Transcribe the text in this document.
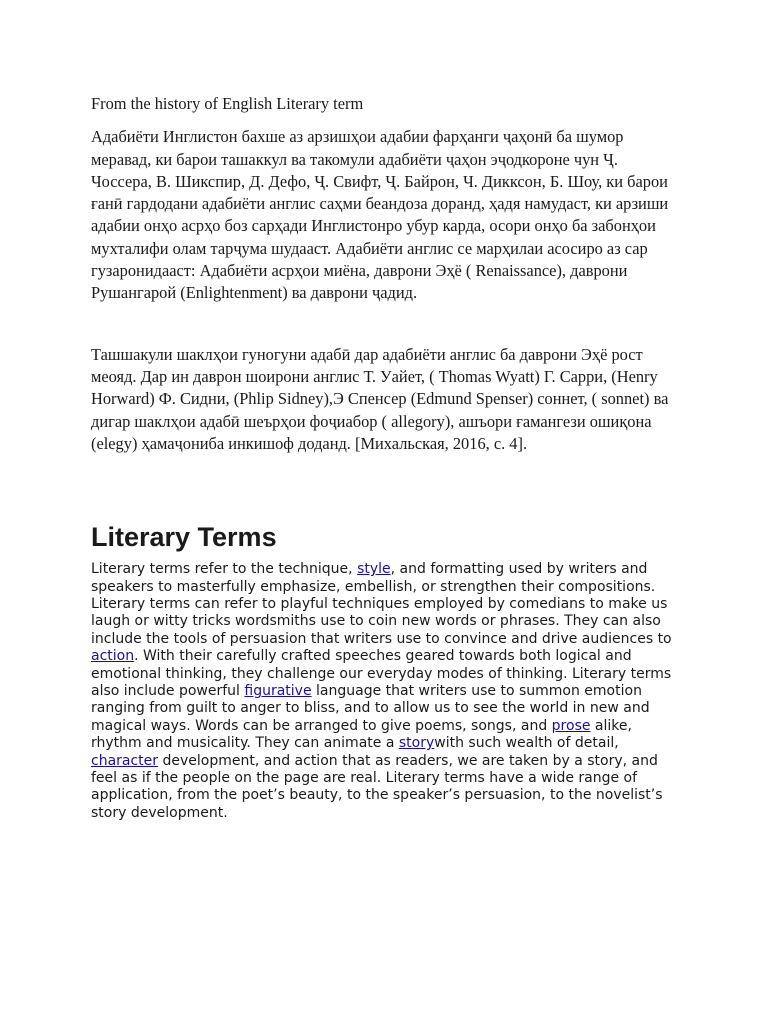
From the history of English Literary term

Адабиёти Инглистон бахше аз арзишҳои адабии фарҳанги ҷаҳонӣ ба шумор меравад, ки барои ташаккул ва такомули адабиёти ҷаҳон эҷодкороне чун Ҷ. Чоссера, В. Шикспир, Д. Дефо, Ҷ. Свифт, Ҷ. Байрон, Ч. Дикксон, Б. Шоу, ки барои ғанӣ гардодани адабиёти англис саҳми беандоза доранд, ҳадя намудаст, ки арзиши адабии онҳо асрҳо боз сарҳади Инглистонро убур карда, осори онҳо ба забонҳои мухталифи олам тарҷума шудааст. Адабиёти англис се марҳилаи асосиро аз сар гузаронидааст: Адабиёти асрҳои миёна, даврони Эҳё ( Renaissance), даврони Рушангарой (Enlightenment) ва даврони ҷадид.

Ташшакули шаклҳои гуногуни адабӣ дар адабиёти англис ба даврони Эҳё рост меояд. Дар ин даврон шоирони англис Т. Уайет, ( Thomas Wyatt) Г. Сарри, (Henry Horward) Ф. Сидни, (Phlip Sidney),Э Спенсер (Edmund Spenser) соннет, ( sonnet) ва дигар шаклҳои адабӣ шеърҳои фоҷиабор ( allegory), ашъори ғамангези ошиқона (elegy) ҳамаҷониба инкишоф доданд. [Михальская, 2016, с. 4].

Literary Terms

Literary terms refer to the technique, style, and formatting used by writers and speakers to masterfully emphasize, embellish, or strengthen their compositions. Literary terms can refer to playful techniques employed by comedians to make us laugh or witty tricks wordsmiths use to coin new words or phrases. They can also include the tools of persuasion that writers use to convince and drive audiences to action. With their carefully crafted speeches geared towards both logical and emotional thinking, they challenge our everyday modes of thinking. Literary terms also include powerful figurative language that writers use to summon emotion ranging from guilt to anger to bliss, and to allow us to see the world in new and magical ways. Words can be arranged to give poems, songs, and prose alike, rhythm and musicality. They can animate a storywith such wealth of detail, character development, and action that as readers, we are taken by a story, and feel as if the people on the page are real. Literary terms have a wide range of application, from the poet’s beauty, to the speaker’s persuasion, to the novelist’s story development.
